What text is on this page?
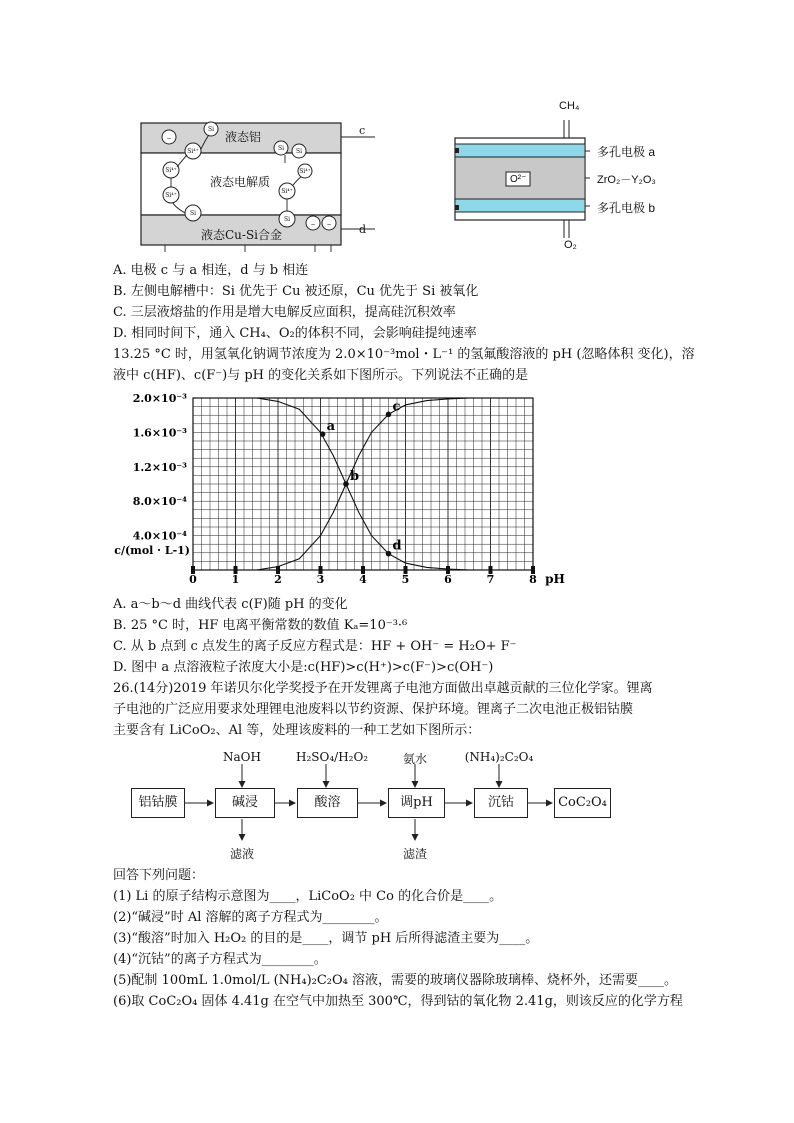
−
− −
Si⁴⁺
Si
Si Si
Si⁴⁺
Si⁴⁺
Si
Si⁴⁺
Si⁴⁺
Si
液态铝
液态电解质
液态Cu-Si合金
c
d
CH₄
O₂
O²⁻
多孔电极 a
ZrO₂－Y₂O₃
多孔电极 b
A. 电极 c 与 a 相连，d 与 b 相连
B. 左侧电解槽中：Si 优先于 Cu 被还原，Cu 优先于 Si 被氧化
C. 三层液熔盐的作用是增大电解反应面积，提高硅沉积效率
D. 相同时间下，通入 CH₄、O₂的体积不同，会影响硅提纯速率
13.25 °C 时，用氢氧化钠调节浓度为 2.0×10⁻³mol・L⁻¹ 的氢氟酸溶液的 pH (忽略体积 变化)，溶
液中 c(HF)、c(F⁻)与 pH 的变化关系如下图所示。下列说法不正确的是
0	1	2	3	4	5	6	7	8 pH
2.0×10⁻³
1.6×10⁻³
1.2×10⁻³
8.0×10⁻⁴
4.0×10⁻⁴
c/(mol · L-1)
a
b
c
d
A. a～b～d 曲线代表 c(F)随 pH 的变化
B. 25 °C 时，HF 电离平衡常数的数值 Kₐ=10⁻³·⁶
C. 从 b 点到 c 点发生的离子反应方程式是：HF + OH⁻ = H₂O+ F⁻
D. 图中 a 点溶液粒子浓度大小是:c(HF)>c(H⁺)>c(F⁻)>c(OH⁻)
26.(14分)2019 年诺贝尔化学奖授予在开发锂离子电池方面做出卓越贡献的三位化学家。锂离
子电池的广泛应用要求处理锂电池废料以节约资源、保护环境。锂离子二次电池正极铝钴膜
主要含有 LiCoO₂、Al 等，处理该废料的一种工艺如下图所示：
铝钴膜	碱浸	酸溶	调pH	沉钴	CoC₂O₄
NaOH	H₂SO₄/H₂O₂	氨水	(NH₄)₂C₂O₄
滤液	滤渣
回答下列问题：
(1) Li 的原子结构示意图为____，LiCoO₂ 中 Co 的化合价是____。
(2)“碱浸”时 Al 溶解的离子方程式为________。
(3)“酸溶”时加入 H₂O₂ 的目的是____，调节 pH 后所得滤渣主要为____。
(4)“沉钴”的离子方程式为________。
(5)配制 100mL 1.0mol/L (NH₄)₂C₂O₄ 溶液，需要的玻璃仪器除玻璃棒、烧杯外，还需要____。
(6)取 CoC₂O₄ 固体 4.41g 在空气中加热至 300℃，得到钴的氧化物 2.41g，则该反应的化学方程
